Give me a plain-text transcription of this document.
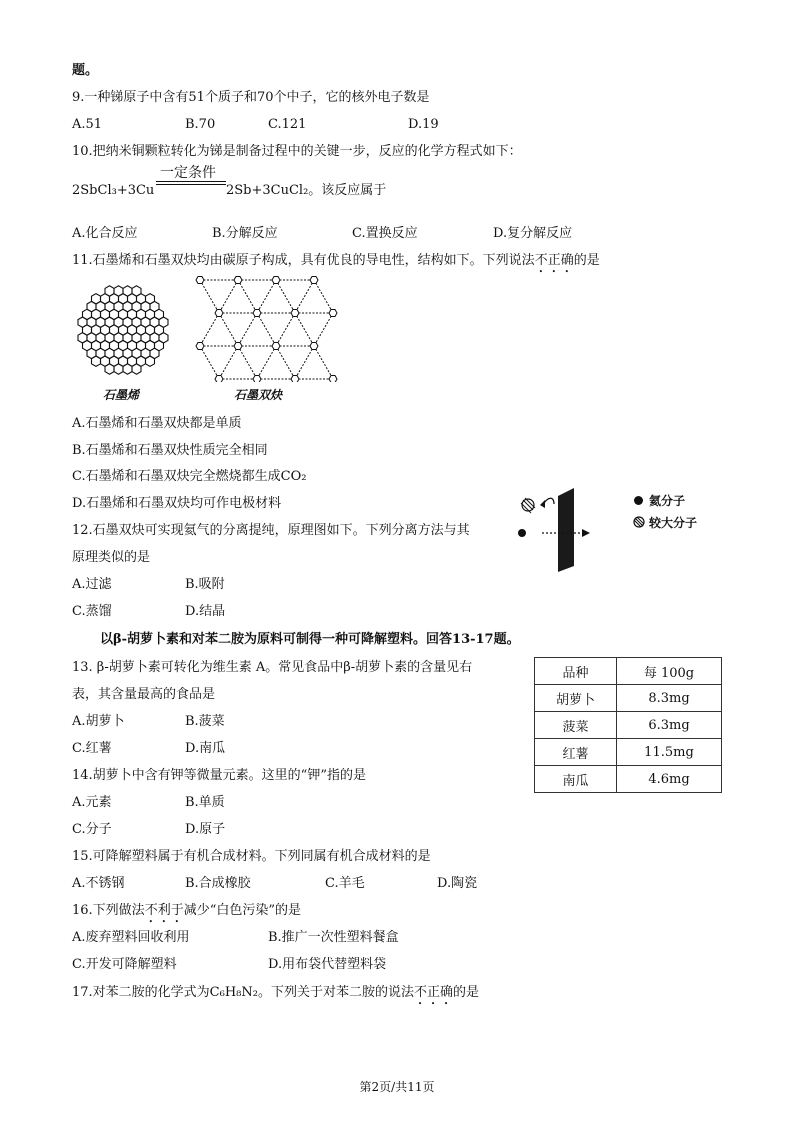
题。
9.一种锑原子中含有51个质子和70个中子，它的核外电子数是
A.51	B.70	C.121	D.19
10.把纳米铜颗粒转化为锑是制备过程中的关键一步，反应的化学方程式如下：
2SbCl₃+3Cu
一定条件
2Sb+3CuCl₂。该反应属于
A.化合反应	B.分解反应	C.置换反应	D.复分解反应
11.石墨烯和石墨双炔均由碳原子构成，具有优良的导电性，结构如下。下列说法不正确的是
石墨烯	石墨双炔
A.石墨烯和石墨双炔都是单质
B.石墨烯和石墨双炔性质完全相同
C.石墨烯和石墨双炔完全燃烧都生成CO₂
D.石墨烯和石墨双炔均可作电极材料
12.石墨双炔可实现氦气的分离提纯，原理图如下。下列分离方法与其
原理类似的是
氦分子
较大分子
A.过滤	B.吸附
C.蒸馏	D.结晶
以β-胡萝卜素和对苯二胺为原料可制得一种可降解塑料。回答13-17题。
13. β-胡萝卜素可转化为维生素 A。常见食品中β-胡萝卜素的含量见右
表，其含量最高的食品是
A.胡萝卜	B.菠菜
C.红薯	D.南瓜
品种	每 100g
胡萝卜	8.3mg
菠菜	6.3mg
红薯	11.5mg
南瓜	4.6mg
14.胡萝卜中含有钾等微量元素。这里的“钾”指的是
A.元素	B.单质
C.分子	D.原子
15.可降解塑料属于有机合成材料。下列同属有机合成材料的是
A.不锈钢	B.合成橡胶	C.羊毛	D.陶瓷
16.下列做法不利于减少“白色污染”的是
A.废弃塑料回收利用	B.推广一次性塑料餐盒
C.开发可降解塑料	D.用布袋代替塑料袋
17.对苯二胺的化学式为C₆H₈N₂。下列关于对苯二胺的说法不正确的是
第2页/共11页
